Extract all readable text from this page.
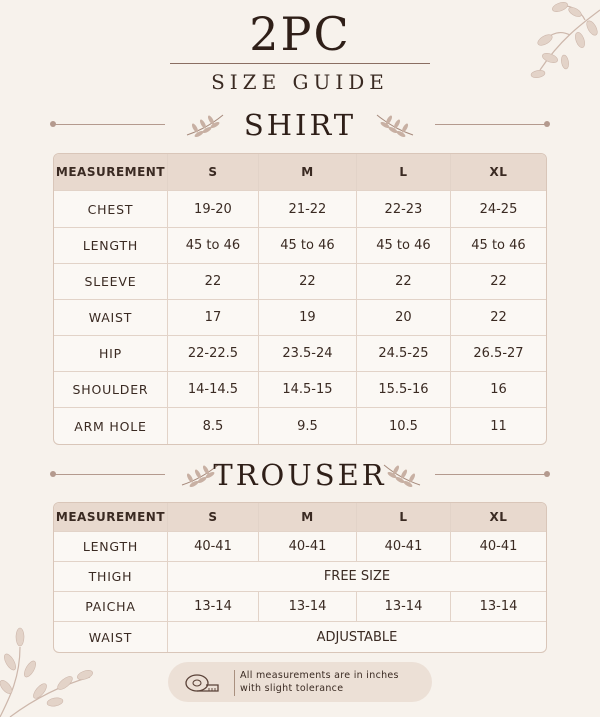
2PC
SIZE GUIDE
SHIRT
MEASUREMENT	S	M	L	XL
CHEST	19-20	21-22	22-23	24-25
LENGTH	45 to 46	45 to 46	45 to 46	45 to 46
SLEEVE	22	22	22	22
WAIST	17	19	20	22
HIP	22-22.5	23.5-24	24.5-25	26.5-27
SHOULDER	14-14.5	14.5-15	15.5-16	16
ARM HOLE	8.5	9.5	10.5	11
TROUSER
MEASUREMENT	S	M	L	XL
LENGTH	40-41	40-41	40-41	40-41
THIGH	FREE SIZE			
PAICHA	13-14	13-14	13-14	13-14
WAIST	ADJUSTABLE			
All measurements are in inches
with slight tolerance
